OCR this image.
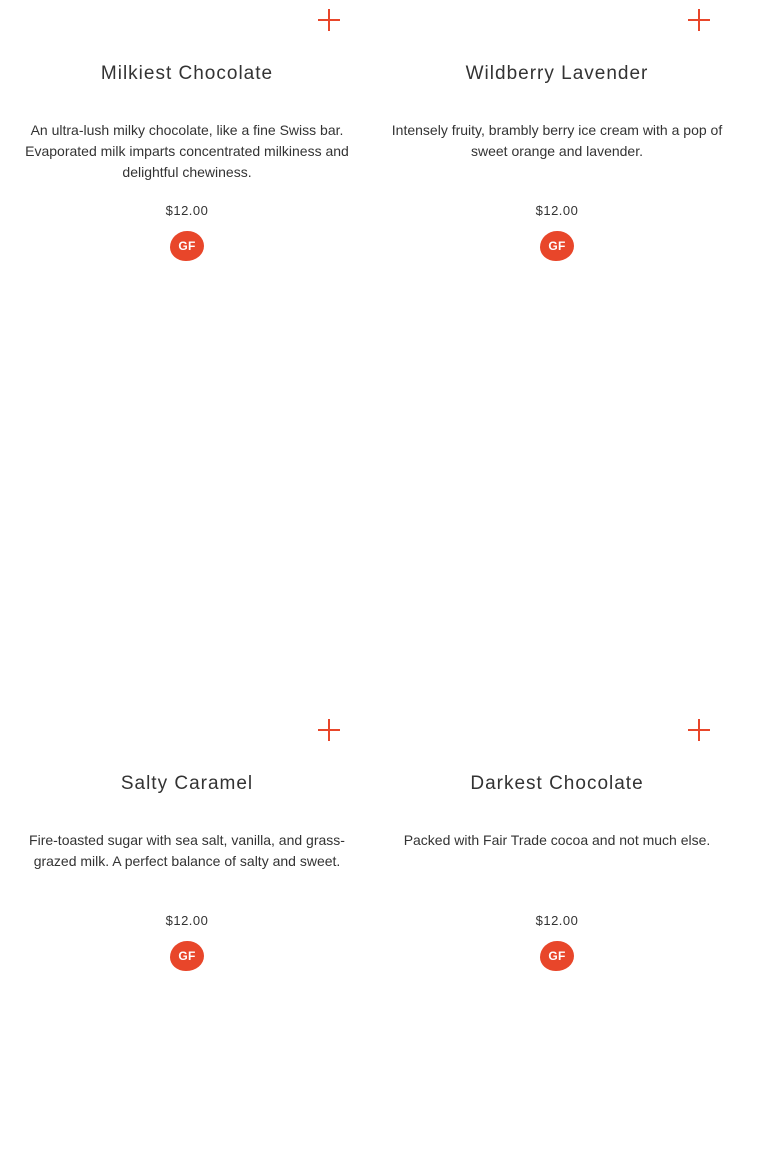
Milkiest Chocolate

An ultra-lush milky chocolate, like a fine Swiss bar. Evaporated milk imparts concentrated milkiness and delightful chewiness.

$12.00
GF
Wildberry Lavender

Intensely fruity, brambly berry ice cream with a pop of sweet orange and lavender.

$12.00
GF
Salty Caramel

Fire-toasted sugar with sea salt, vanilla, and grass-grazed milk. A perfect balance of salty and sweet.

$12.00
GF
Darkest Chocolate

Packed with Fair Trade cocoa and not much else.

$12.00
GF
